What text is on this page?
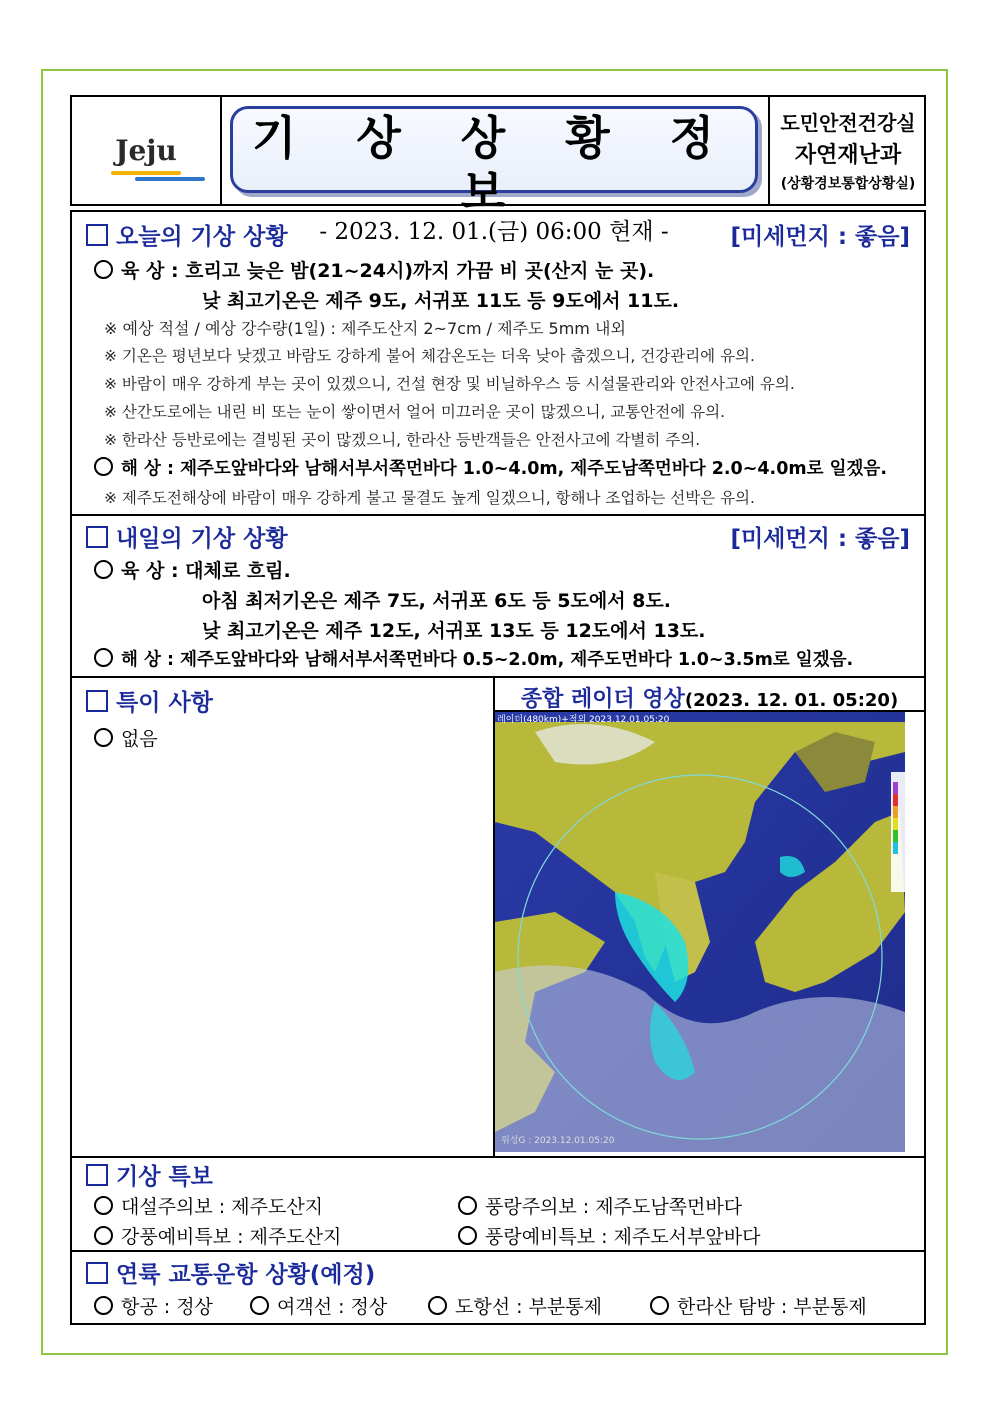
Jeju	기 상 상 황 정 보
- 2023. 12. 01.(금) 06:00 현재 -
도민안전건강실
자연재난과
(상황경보통합상황실)
오늘의 기상 상황	[미세먼지 : 좋음]
육 상 : 흐리고 늦은 밤(21~24시)까지 가끔 비 곳(산지 눈 곳).
낮 최고기온은 제주 9도, 서귀포 11도 등 9도에서 11도.
※ 예상 적설 / 예상 강수량(1일) : 제주도산지 2~7cm / 제주도 5mm 내외
※ 기온은 평년보다 낮겠고 바람도 강하게 불어 체감온도는 더욱 낮아 춥겠으니, 건강관리에 유의.
※ 바람이 매우 강하게 부는 곳이 있겠으니, 건설 현장 및 비닐하우스 등 시설물관리와 안전사고에 유의.
※ 산간도로에는 내린 비 또는 눈이 쌓이면서 얼어 미끄러운 곳이 많겠으니, 교통안전에 유의.
※ 한라산 등반로에는 결빙된 곳이 많겠으니, 한라산 등반객들은 안전사고에 각별히 주의.
해 상 : 제주도앞바다와 남해서부서쪽먼바다 1.0~4.0m, 제주도남쪽먼바다 2.0~4.0m로 일겠음.
※ 제주도전해상에 바람이 매우 강하게 불고 물결도 높게 일겠으니, 항해나 조업하는 선박은 유의.
내일의 기상 상황	[미세먼지 : 좋음]
육 상 : 대체로 흐림.
아침 최저기온은 제주 7도, 서귀포 6도 등 5도에서 8도.
낮 최고기온은 제주 12도, 서귀포 13도 등 12도에서 13도.
해 상 : 제주도앞바다와 남해서부서쪽먼바다 0.5~2.0m, 제주도먼바다 1.0~3.5m로 일겠음.
특이 사항
없음
종합 레이더 영상(2023. 12. 01. 05:20)
레이더(480km)+적외 2023.12.01.05:20
위성G : 2023.12.01.05:20
기상 특보
대설주의보 : 제주도산지	풍랑주의보 : 제주도남쪽먼바다
강풍예비특보 : 제주도산지	풍랑예비특보 : 제주도서부앞바다
연륙 교통운항 상황(예정)
항공 : 정상	여객선 : 정상	도항선 : 부분통제	한라산 탐방 : 부분통제
